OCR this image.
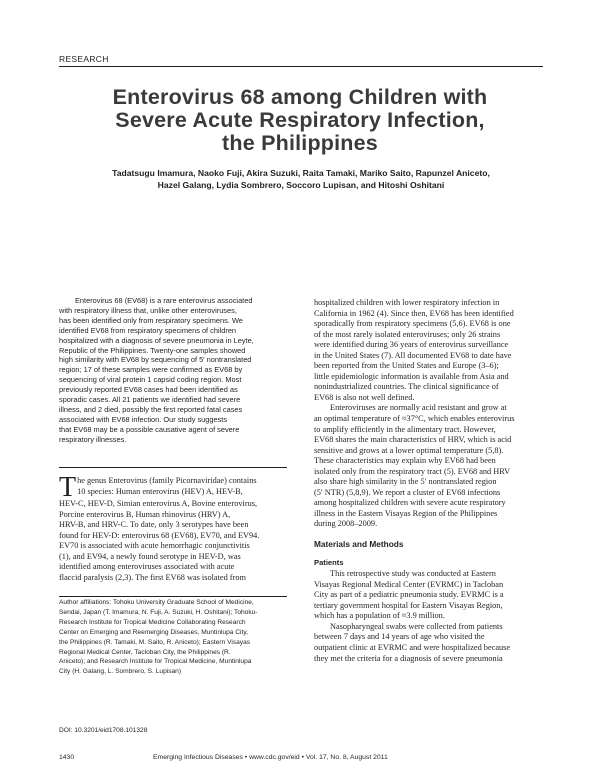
RESEARCH
Enterovirus 68 among Children with
Severe Acute Respiratory Infection,
the Philippines
Tadatsugu Imamura, Naoko Fuji, Akira Suzuki, Raita Tamaki, Mariko Saito, Rapunzel Aniceto,
Hazel Galang, Lydia Sombrero, Soccoro Lupisan, and Hitoshi Oshitani
Enterovirus 68 (EV68) is a rare enterovirus associated
with respiratory illness that, unlike other enteroviruses,
has been identified only from respiratory specimens. We
identified EV68 from respiratory specimens of children
hospitalized with a diagnosis of severe pneumonia in Leyte,
Republic of the Philippines. Twenty-one samples showed
high similarity with EV68 by sequencing of 5′ nontranslated
region; 17 of these samples were confirmed as EV68 by
sequencing of viral protein 1 capsid coding region. Most
previously reported EV68 cases had been identified as
sporadic cases. All 21 patients we identified had severe
illness, and 2 died, possibly the first reported fatal cases
associated with EV68 infection. Our study suggests
that EV68 may be a possible causative agent of severe
respiratory illnesses.
T he genus Enterovirus (family Picornaviridae) contains
10 species: Human enterovirus (HEV) A, HEV-B,
HEV-C, HEV-D, Simian enterovirus A, Bovine enterovirus,
Porcine enterovirus B, Human rhinovirus (HRV) A,
HRV-B, and HRV-C. To date, only 3 serotypes have been
found for HEV-D: enterovirus 68 (EV68), EV70, and EV94.
EV70 is associated with acute hemorrhagic conjunctivitis
(1), and EV94, a newly found serotype in HEV-D, was
identified among enteroviruses associated with acute
flaccid paralysis (2,3). The first EV68 was isolated from
Author affiliations: Tohoku University Graduate School of Medicine,
Sendai, Japan (T. Imamura, N. Fuji, A. Suzuki, H. Oshitani); Tohoku-
Research Institute for Tropical Medicine Collaborating Research
Center on Emerging and Reemerging Diseases, Muntinlupa City,
the Philippines (R. Tamaki, M. Saito, R. Aniceto); Eastern Visayas
Regional Medical Center, Tacloban City, the Philippines (R.
Aniceto); and Research Institute for Tropical Medicine, Muntinlupa
City (H. Galang, L. Sombrero, S. Lupisan)
DOI: 10.3201/eid1708.101328
hospitalized children with lower respiratory infection in
California in 1962 (4). Since then, EV68 has been identified
sporadically from respiratory specimens (5,6). EV68 is one
of the most rarely isolated enteroviruses; only 26 strains
were identified during 36 years of enterovirus surveillance
in the United States (7). All documented EV68 to date have
been reported from the United States and Europe (3–6);
little epidemiologic information is available from Asia and
nonindustrialized countries. The clinical significance of
EV68 is also not well defined.
Enteroviruses are normally acid resistant and grow at
an optimal temperature of ≈37°C, which enables enterovirus
to amplify efficiently in the alimentary tract. However,
EV68 shares the main characteristics of HRV, which is acid
sensitive and grows at a lower optimal temperature (5,8).
These characteristics may explain why EV68 had been
isolated only from the respiratory tract (5). EV68 and HRV
also share high similarity in the 5′ nontranslated region
(5′ NTR) (5,8,9). We report a cluster of EV68 infections
among hospitalized children with severe acute respiratory
illness in the Eastern Visayas Region of the Philippines
during 2008–2009.
Materials and Methods
Patients
This retrospective study was conducted at Eastern
Visayas Regional Medical Center (EVRMC) in Tacloban
City as part of a pediatric pneumonia study. EVRMC is a
tertiary government hospital for Eastern Visayas Region,
which has a population of ≈3.9 million.
Nasopharyngeal swabs were collected from patients
between 7 days and 14 years of age who visited the
outpatient clinic at EVRMC and were hospitalized because
they met the criteria for a diagnosis of severe pneumonia
1430	Emerging Infectious Diseases • www.cdc.gov/eid • Vol. 17, No. 8, August 2011
